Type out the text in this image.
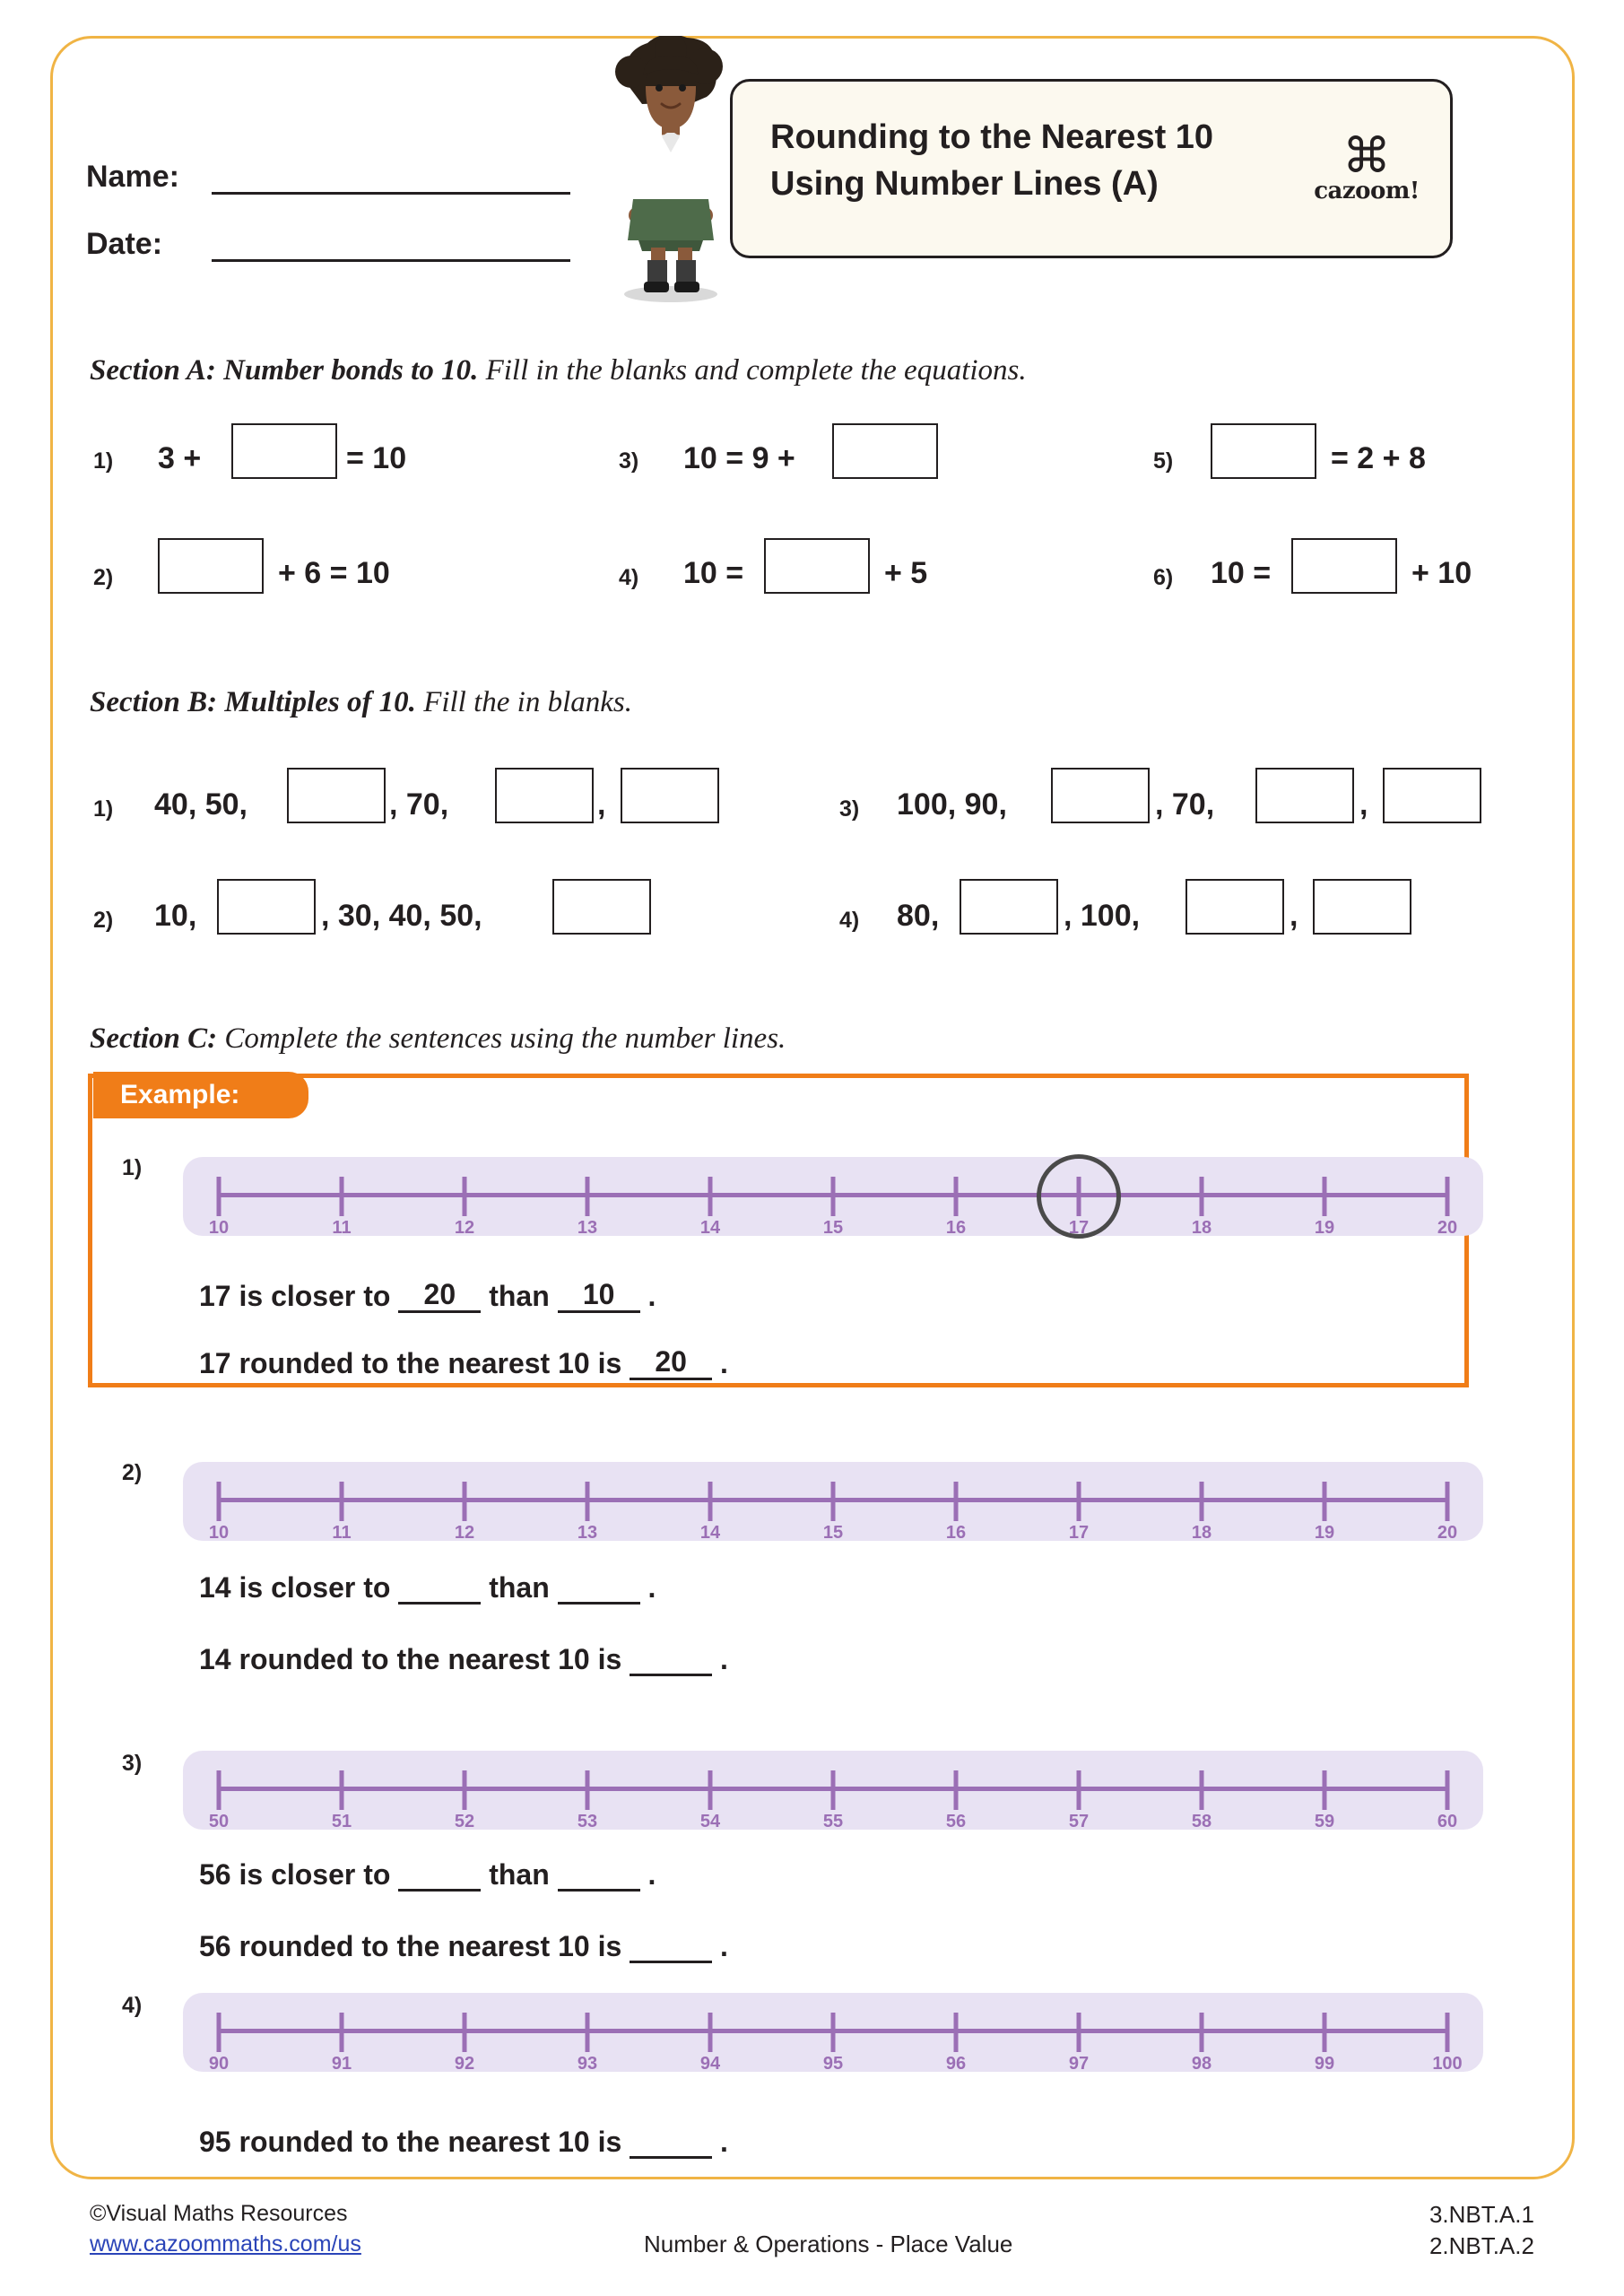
Name:
Date:
Rounding to the Nearest 10 Using Number Lines (A)
⌘
cazoom!
Section A: Number bonds to 10. Fill in the blanks and complete the equations.
1) 3 +	= 10
2)	+ 6 = 10
3) 10 = 9 +
4) 10 =	+ 5
5)	= 2 + 8
6) 10 =	+ 10
Section B: Multiples of 10. Fill the in blanks.
1) 40, 50,	, 70,	,
2) 10,	, 30, 40, 50,
3) 100, 90,	, 70,	,
4) 80,	, 100,	,
Section C: Complete the sentences using the number lines.
Example:
1)
10	11	12	13	14	15	16	17	18	19	20
17 is closer to 20 than 10 .
17 rounded to the nearest 10 is 20 .
2)
10	11	12	13	14	15	16	17	18	19	20
14 is closer to	than	.
14 rounded to the nearest 10 is	.
3)
50	51	52	53	54	55	56	57	58	59	60
56 is closer to	than	.
56 rounded to the nearest 10 is	.
4)
90	91	92	93	94	95	96	97	98	99	100
95 rounded to the nearest 10 is	.
©Visual Maths Resources
www.cazoommaths.com/us	Number & Operations - Place Value
3.NBT.A.1
2.NBT.A.2
